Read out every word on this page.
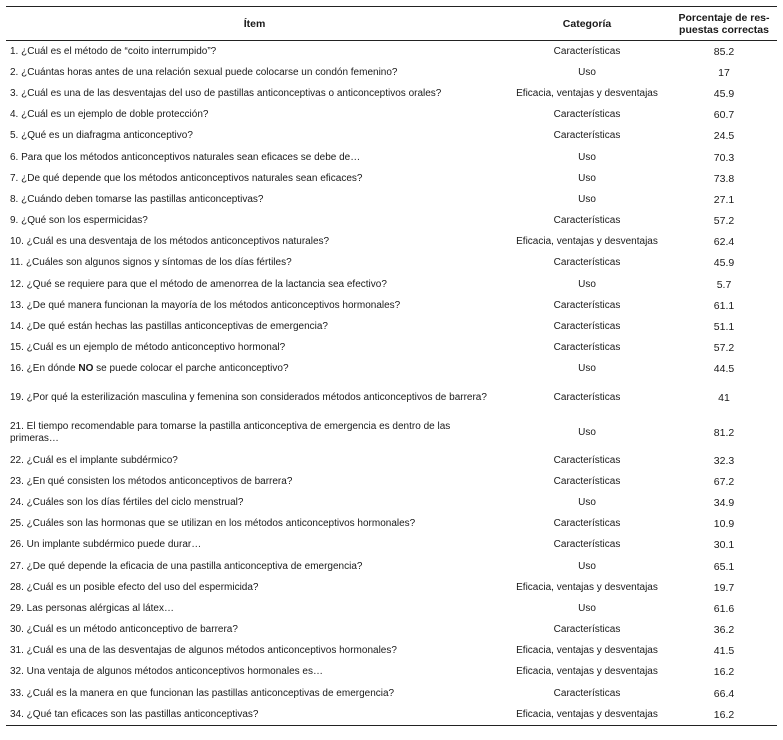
Ítem	Categoría	Porcentaje de res-
puestas correctas
1. ¿Cuál es el método de “coito interrumpido”?	Características	85.2
2. ¿Cuántas horas antes de una relación sexual puede colocarse un condón femenino?	Uso	17
3. ¿Cuál es una de las desventajas del uso de pastillas anticonceptivas o anticonceptivos orales?	Eficacia, ventajas y desventajas	45.9
4. ¿Cuál es un ejemplo de doble protección?	Características	60.7
5. ¿Qué es un diafragma anticonceptivo?	Características	24.5
6. Para que los métodos anticonceptivos naturales sean eficaces se debe de…	Uso	70.3
7. ¿De qué depende que los métodos anticonceptivos naturales sean eficaces?	Uso	73.8
8. ¿Cuándo deben tomarse las pastillas anticonceptivas?	Uso	27.1
9. ¿Qué son los espermicidas?	Características	57.2
10. ¿Cuál es una desventaja de los métodos anticonceptivos naturales?	Eficacia, ventajas y desventajas	62.4
11. ¿Cuáles son algunos signos y síntomas de los días fértiles?	Características	45.9
12. ¿Qué se requiere para que el método de amenorrea de la lactancia sea efectivo?	Uso	5.7
13. ¿De qué manera funcionan la mayoría de los métodos anticonceptivos hormonales?	Características	61.1
14. ¿De qué están hechas las pastillas anticonceptivas de emergencia?	Características	51.1
15. ¿Cuál es un ejemplo de método anticonceptivo hormonal?	Características	57.2
16. ¿En dónde NO se puede colocar el parche anticonceptivo?	Uso	44.5
19. ¿Por qué la esterilización masculina y femenina son considerados métodos anticonceptivos de barrera?	Características	41
21. El tiempo recomendable para tomarse la pastilla anticonceptiva de emergencia es dentro de las primeras…	Uso	81.2
22. ¿Cuál es el implante subdérmico?	Características	32.3
23. ¿En qué consisten los métodos anticonceptivos de barrera?	Características	67.2
24. ¿Cuáles son los días fértiles del ciclo menstrual?	Uso	34.9
25. ¿Cuáles son las hormonas que se utilizan en los métodos anticonceptivos hormonales?	Características	10.9
26. Un implante subdérmico puede durar…	Características	30.1
27. ¿De qué depende la eficacia de una pastilla anticonceptiva de emergencia?	Uso	65.1
28. ¿Cuál es un posible efecto del uso del espermicida?	Eficacia, ventajas y desventajas	19.7
29. Las personas alérgicas al látex…	Uso	61.6
30. ¿Cuál es un método anticonceptivo de barrera?	Características	36.2
31. ¿Cuál es una de las desventajas de algunos métodos anticonceptivos hormonales?	Eficacia, ventajas y desventajas	41.5
32. Una ventaja de algunos métodos anticonceptivos hormonales es…	Eficacia, ventajas y desventajas	16.2
33. ¿Cuál es la manera en que funcionan las pastillas anticonceptivas de emergencia?	Características	66.4
34. ¿Qué tan eficaces son las pastillas anticonceptivas?	Eficacia, ventajas y desventajas	16.2
